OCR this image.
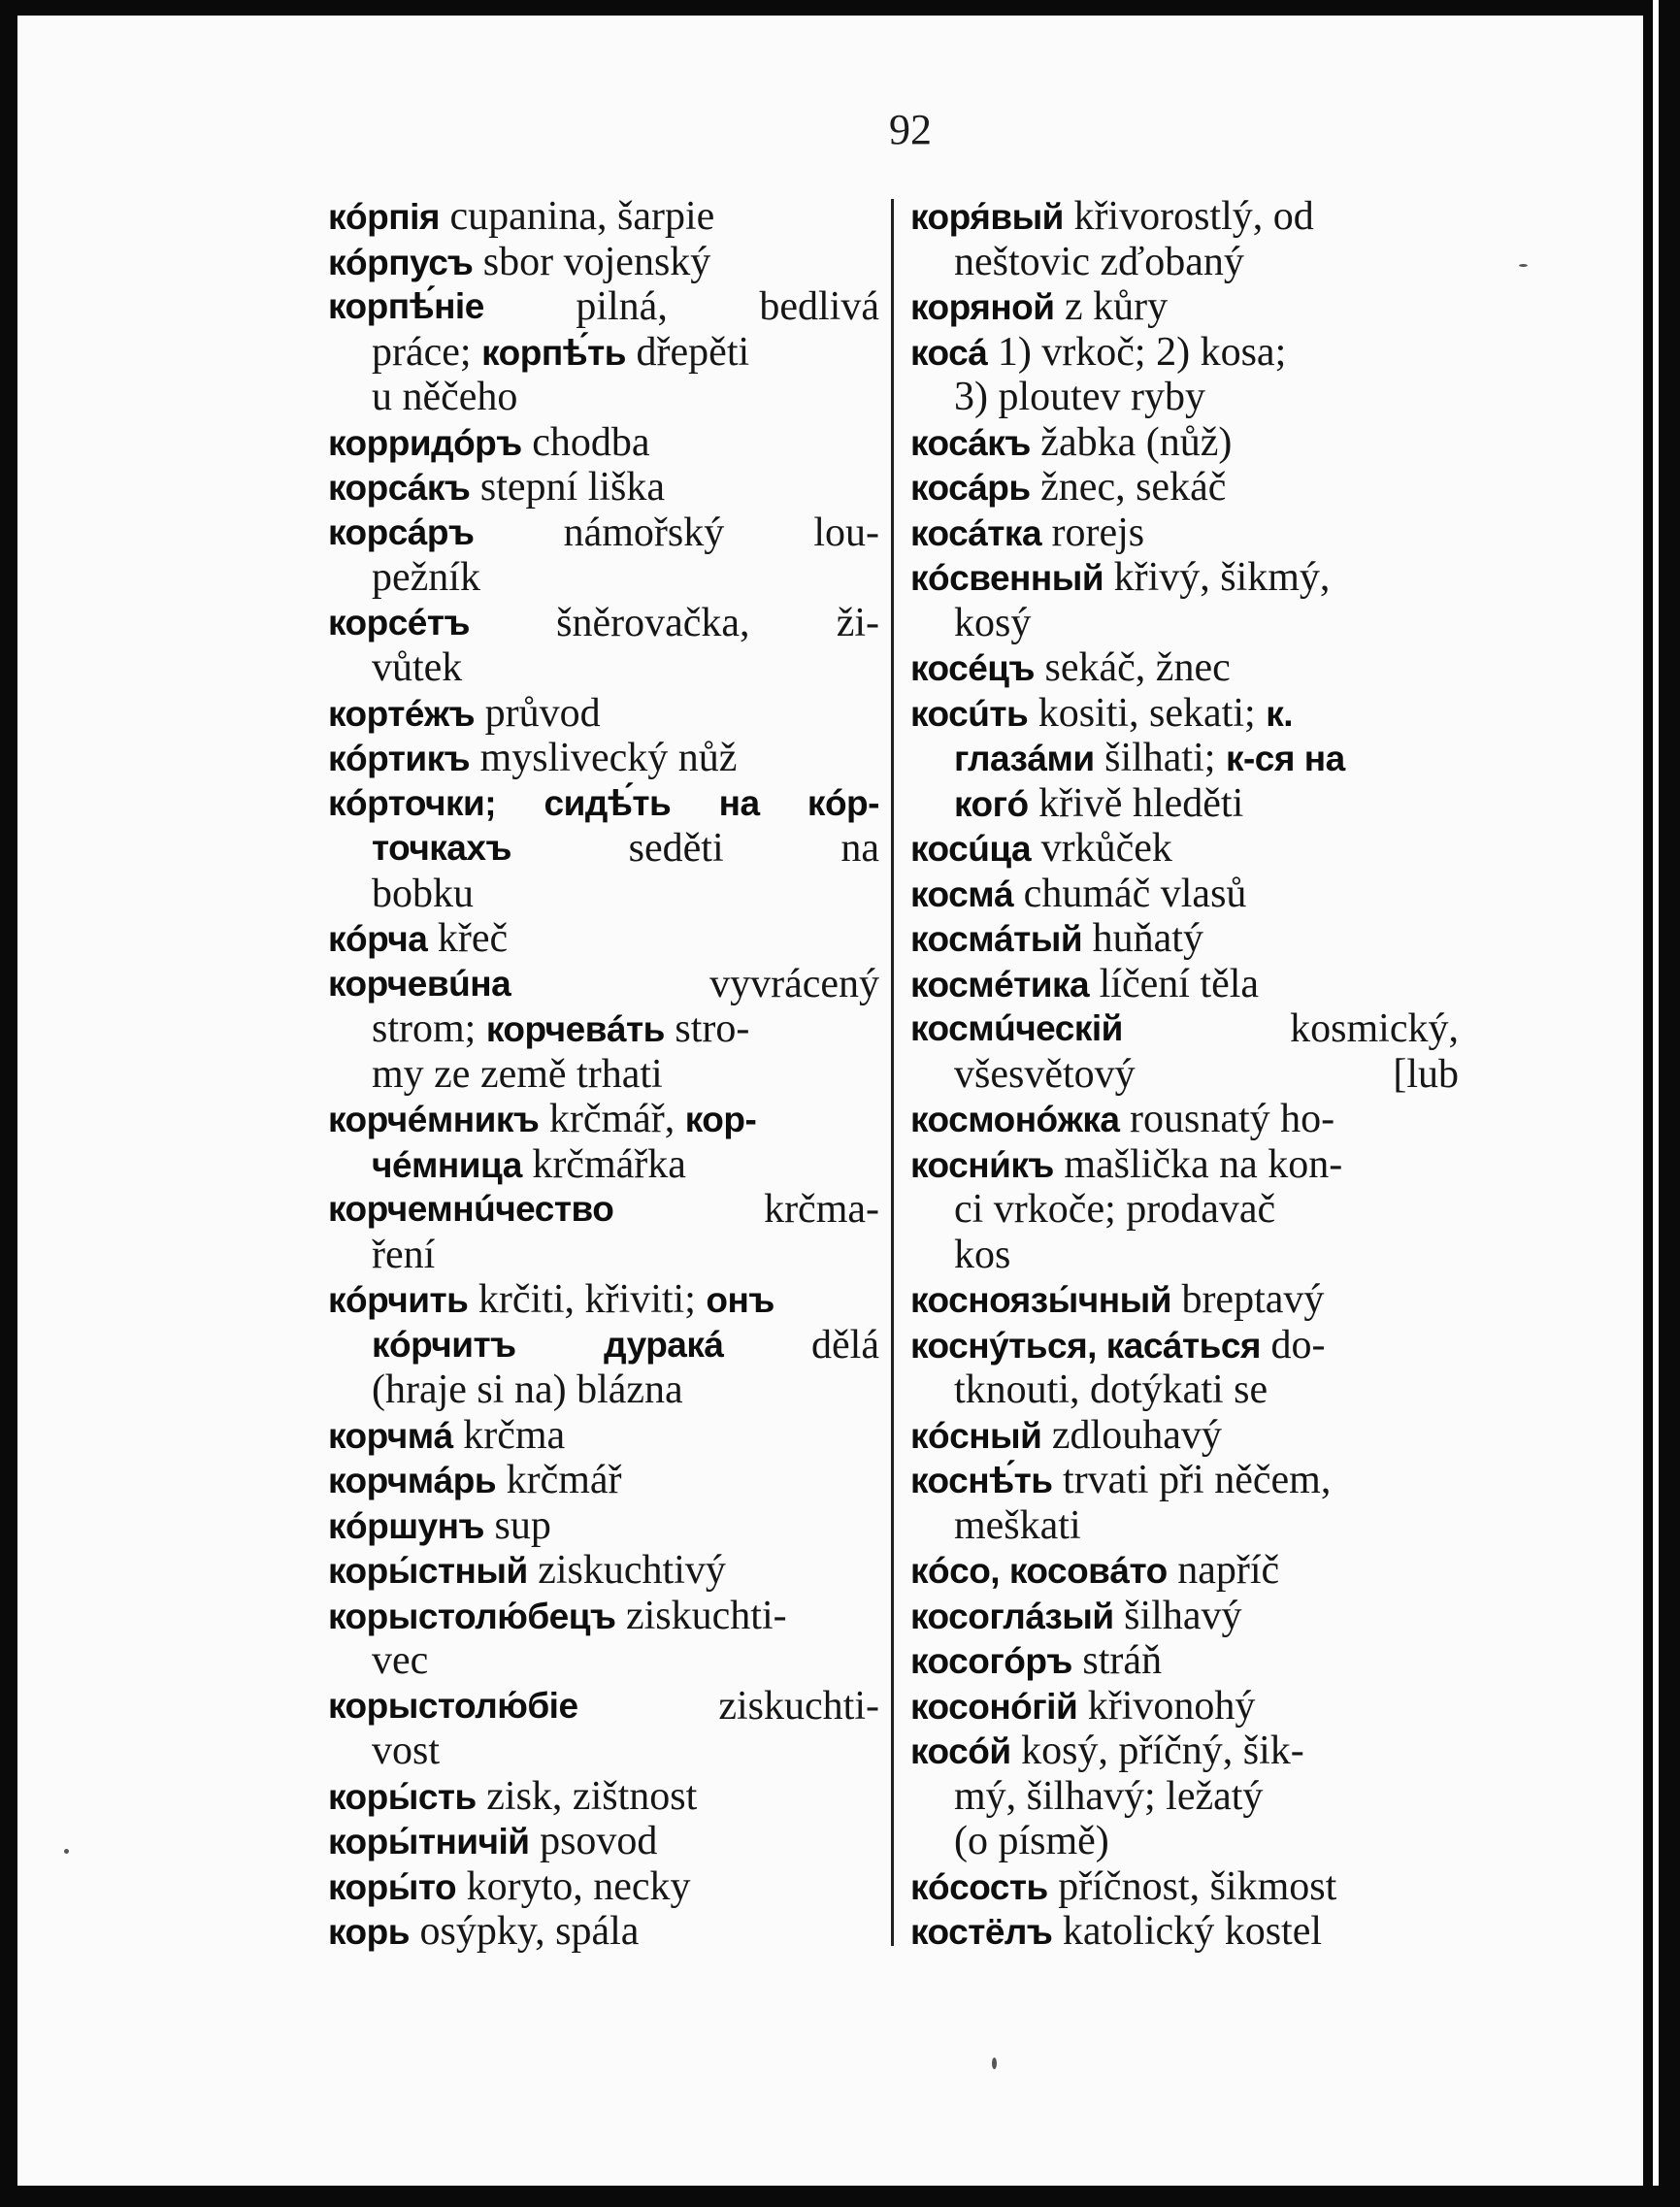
92
кóрпія cupanina, šarpie
кóрпусъ sbor vojenský
корпѣ́ніе pilná, bedlivá
práce; корпѣ́ть dřepěti
u něčeho
корридóръ chodba
корсáкъ stepní liška
корсáръ námořský lou-
pežník
корсéтъ šněrovačka, ži-
vůtek
кортéжъ průvod
кóртикъ myslivecký nůž
кóрточки; сидѣ́ть на кóр-
точкахъ	seděti	na
bobku
кóрча křeč
корчевúна	vyvrácený
strom; корчевáть stro-
my ze země trhati
корчéмникъ krčmář, кор-
чéмница krčmářka
корчемнúчество	krčma-
ření
кóрчить krčiti, křiviti; онъ
кóрчитъ дуракá dělá
(hraje si na) blázna
корчмá krčma
корчмáрь krčmář
кóршунъ sup
коры́стный ziskuchtivý
корыстолю́бецъ ziskuchti-
vec
корыстолю́біе	ziskuchti-
vost
коры́сть zisk, zištnost
коры́тничій psovod
коры́то koryto, necky
корь osýpky, spála
коря́вый křivorostlý, od
neštovic zďobaný
коряной z kůry
косá 1) vrkoč; 2) kosa;
3) ploutev ryby
косáкъ žabka (nůž)
косáрь žnec, sekáč
косáтка rorejs
кóсвенный křivý, šikmý,
kosý
косéцъ sekáč, žnec
косúть kositi, sekati; к.
глазáми šilhati; к-ся на
когó křivě hleděti
косúца vrkůček
космá chumáč vlasů
космáтый huňatý
космéтика líčení těla
космúческій	kosmický,
všesvětový	[lub
космонóжка rousnatý ho-
косни́къ mašlička na kon-
ci vrkoče; prodavač
kos
косноязы́чный breptavý
коснýться, касáться do-
tknouti, dotýkati se
кóсный zdlouhavý
коснѣ́ть trvati při něčem,
meškati
кóсо, косовáто napříč
косоглáзый šilhavý
косогóръ stráň
косонóгій křivonohý
косóй kosý, příčný, šik-
mý, šilhavý; ležatý
(o písmě)
кóсость příčnost, šikmost
костёлъ katolický kostel
